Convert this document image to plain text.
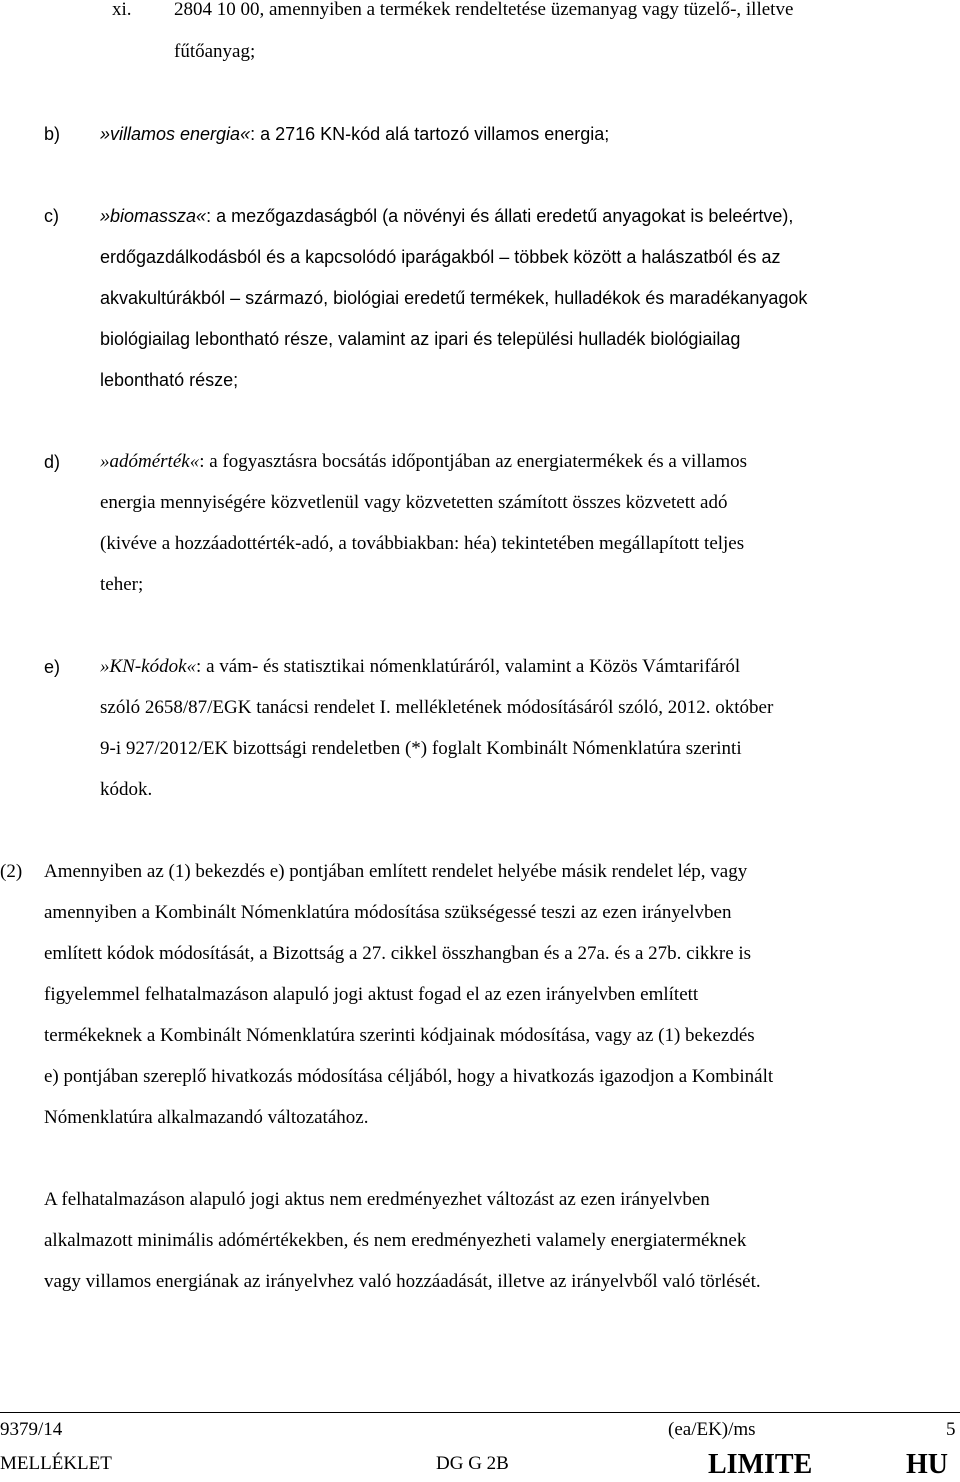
xi. 2804 10 00, amennyiben a termékek rendeltetése üzemanyag vagy tüzelő-, illetve
fűtőanyag;
b) »villamos energia«: a 2716 KN-kód alá tartozó villamos energia;
c) »biomassza«: a mezőgazdaságból (a növényi és állati eredetű anyagokat is beleértve),
erdőgazdálkodásból és a kapcsolódó iparágakból – többek között a halászatból és az
akvakultúrákból – származó, biológiai eredetű termékek, hulladékok és maradékanyagok
biológiailag lebontható része, valamint az ipari és települési hulladék biológiailag
lebontható része;
d) »adómérték«: a fogyasztásra bocsátás időpontjában az energiatermékek és a villamos
energia mennyiségére közvetlenül vagy közvetetten számított összes közvetett adó
(kivéve a hozzáadottérték-adó, a továbbiakban: héa) tekintetében megállapított teljes
teher;
e) »KN-kódok«: a vám- és statisztikai nómenklatúráról, valamint a Közös Vámtarifáról
szóló 2658/87/EGK tanácsi rendelet I. mellékletének módosításáról szóló, 2012. október
9-i 927/2012/EK bizottsági rendeletben (*) foglalt Kombinált Nómenklatúra szerinti
kódok.
(2) Amennyiben az (1) bekezdés e) pontjában említett rendelet helyébe másik rendelet lép, vagy
amennyiben a Kombinált Nómenklatúra módosítása szükségessé teszi az ezen irányelvben
említett kódok módosítását, a Bizottság a 27. cikkel összhangban és a 27a. és a 27b. cikkre is
figyelemmel felhatalmazáson alapuló jogi aktust fogad el az ezen irányelvben említett
termékeknek a Kombinált Nómenklatúra szerinti kódjainak módosítása, vagy az (1) bekezdés
e) pontjában szereplő hivatkozás módosítása céljából, hogy a hivatkozás igazodjon a Kombinált
Nómenklatúra alkalmazandó változatához.
A felhatalmazáson alapuló jogi aktus nem eredményezhet változást az ezen irányelvben
alkalmazott minimális adómértékekben, és nem eredményezheti valamely energiaterméknek
vagy villamos energiának az irányelvhez való hozzáadását, illetve az irányelvből való törlését.
9379/14	(ea/EK)/ms	5
MELLÉKLET	DG G 2B	LIMITE	HU
